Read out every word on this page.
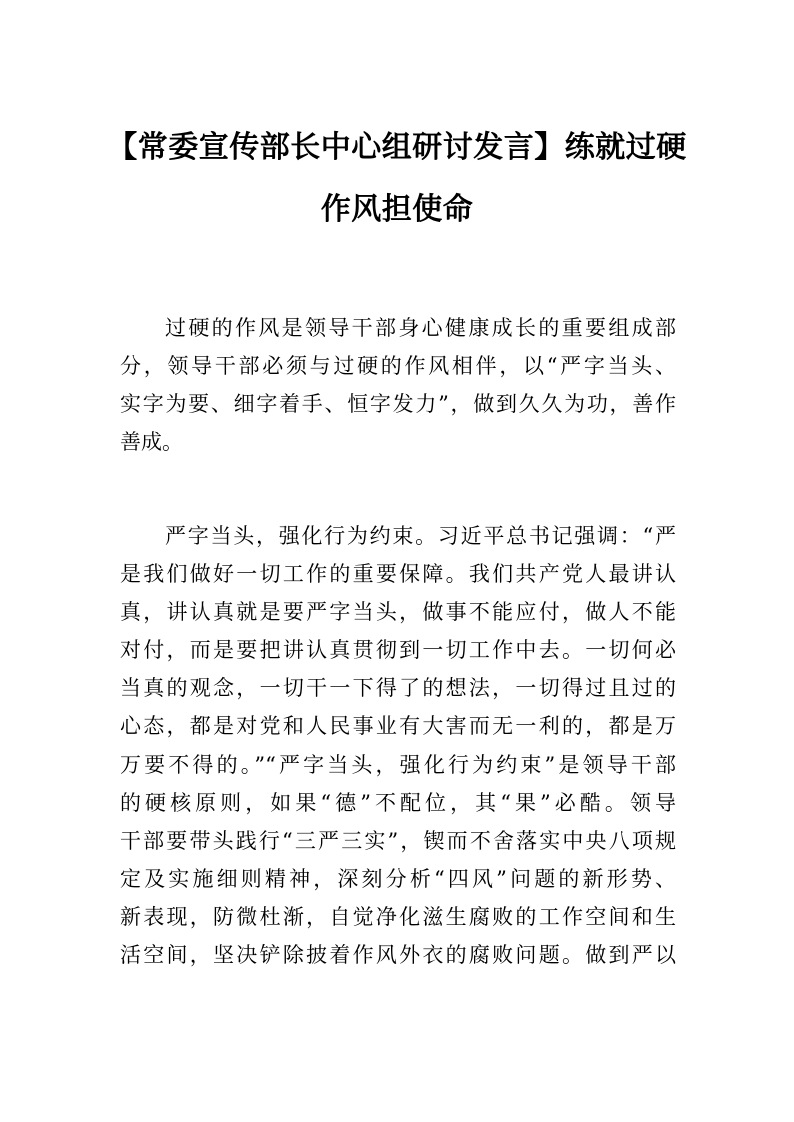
【常委宣传部长中心组研讨发言】练就过硬
作风担使命
过硬的作风是领导干部身心健康成长的重要组成部
分，领导干部必须与过硬的作风相伴，以“严字当头、
实字为要、细字着手、恒字发力”，做到久久为功，善作
善成。
严字当头，强化行为约束。习近平总书记强调：“严
是我们做好一切工作的重要保障。我们共产党人最讲认
真，讲认真就是要严字当头，做事不能应付，做人不能
对付，而是要把讲认真贯彻到一切工作中去。一切何必
当真的观念，一切干一下得了的想法，一切得过且过的
心态，都是对党和人民事业有大害而无一利的，都是万
万要不得的。”“严字当头，强化行为约束”是领导干部
的硬核原则，如果“德”不配位，其“果”必酷。领导
干部要带头践行“三严三实”，锲而不舍落实中央八项规
定及实施细则精神，深刻分析“四风”问题的新形势、
新表现，防微杜渐，自觉净化滋生腐败的工作空间和生
活空间，坚决铲除披着作风外衣的腐败问题。做到严以
